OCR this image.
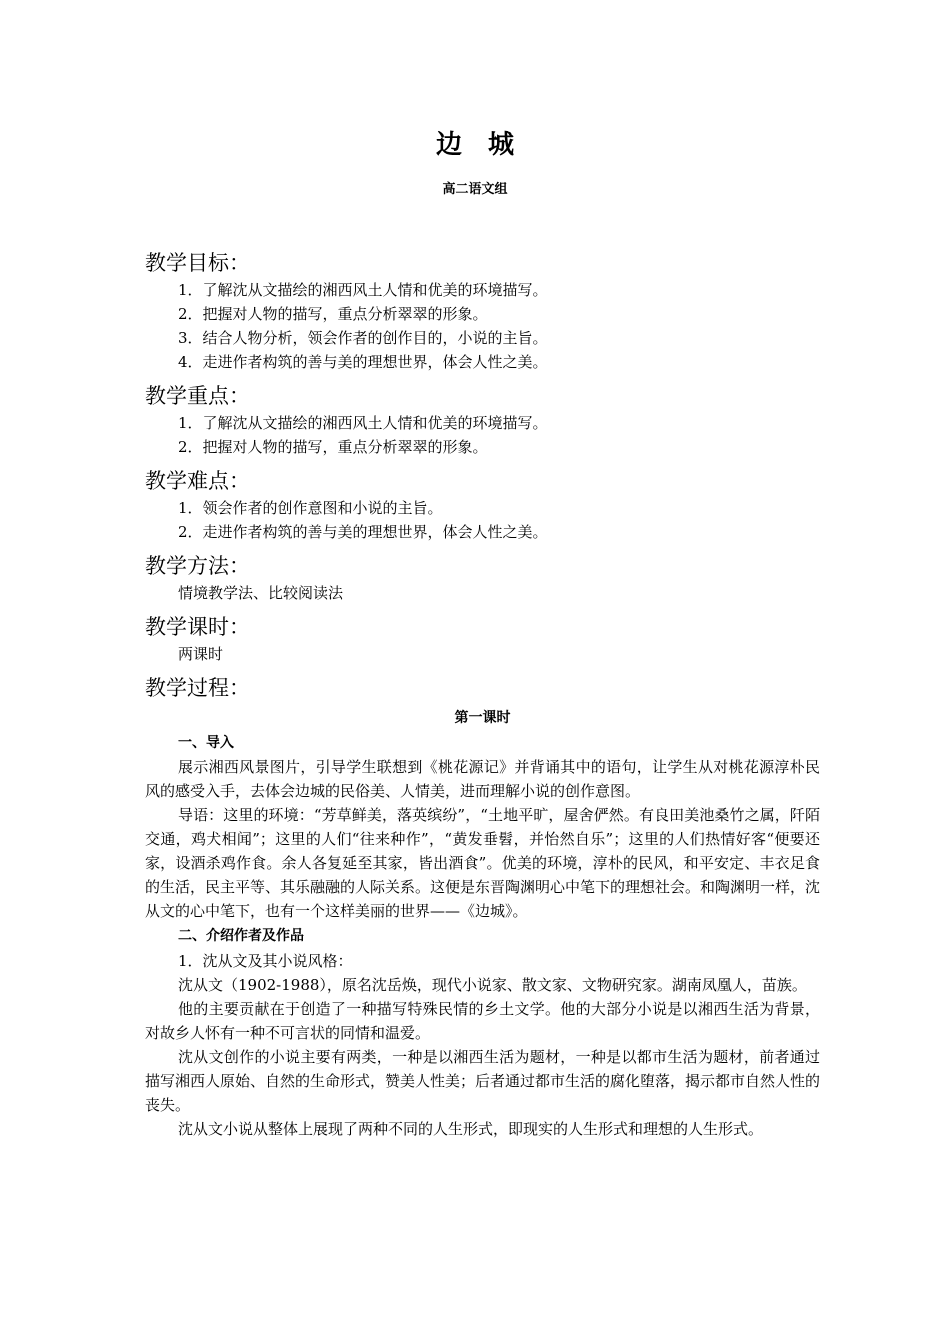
边　城
高二语文组

教学目标：

1．了解沈从文描绘的湘西风土人情和优美的环境描写。

2．把握对人物的描写，重点分析翠翠的形象。

3．结合人物分析，领会作者的创作目的，小说的主旨。

4．走进作者构筑的善与美的理想世界，体会人性之美。

教学重点：

1．了解沈从文描绘的湘西风土人情和优美的环境描写。

2．把握对人物的描写，重点分析翠翠的形象。

教学难点：

1．领会作者的创作意图和小说的主旨。

2．走进作者构筑的善与美的理想世界，体会人性之美。

教学方法：

情境教学法、比较阅读法

教学课时：

两课时

教学过程：

第一课时

一、导入

展示湘西风景图片，引导学生联想到《桃花源记》并背诵其中的语句，让学生从对桃花源淳朴民风的感受入手，去体会边城的民俗美、人情美，进而理解小说的创作意图。

导语：这里的环境：“芳草鲜美，落英缤纷”，“土地平旷，屋舍俨然。有良田美池桑竹之属，阡陌交通，鸡犬相闻”；这里的人们“往来种作”，“黄发垂髫，并怡然自乐”；这里的人们热情好客“便要还家，设酒杀鸡作食。余人各复延至其家，皆出酒食”。优美的环境，淳朴的民风，和平安定、丰衣足食的生活，民主平等、其乐融融的人际关系。这便是东晋陶渊明心中笔下的理想社会。和陶渊明一样，沈从文的心中笔下，也有一个这样美丽的世界——《边城》。

二、介绍作者及作品

1．沈从文及其小说风格：

沈从文（1902-1988），原名沈岳焕，现代小说家、散文家、文物研究家。湖南凤凰人，苗族。

他的主要贡献在于创造了一种描写特殊民情的乡土文学。他的大部分小说是以湘西生活为背景，对故乡人怀有一种不可言状的同情和温爱。

沈从文创作的小说主要有两类，一种是以湘西生活为题材，一种是以都市生活为题材，前者通过描写湘西人原始、自然的生命形式，赞美人性美；后者通过都市生活的腐化堕落，揭示都市自然人性的丧失。

沈从文小说从整体上展现了两种不同的人生形式，即现实的人生形式和理想的人生形式。
